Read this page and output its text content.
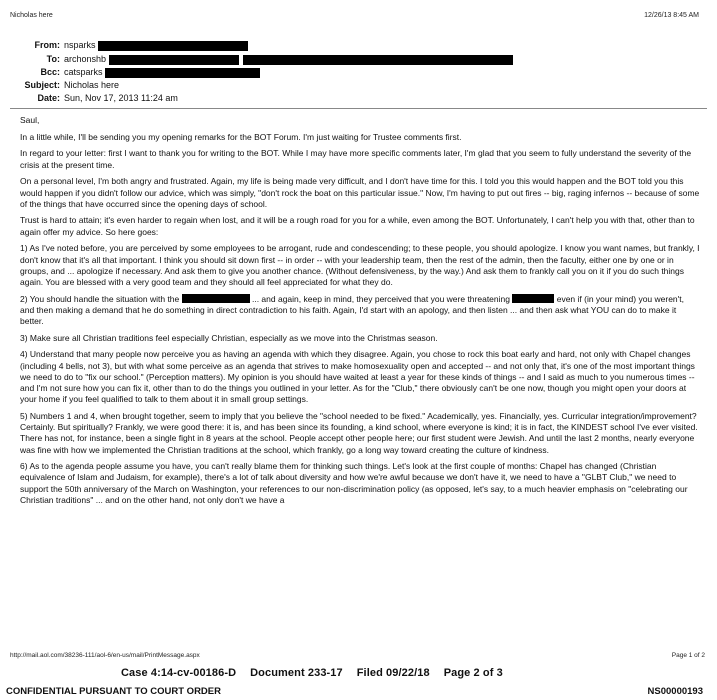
Nicholas here	12/26/13 8:45 AM
From: nsparks
To: archonshb
Bcc: catsparks
Subject: Nicholas here
Date: Sun, Nov 17, 2013 11:24 am

Saul,

In a little while, I'll be sending you my opening remarks for the BOT Forum. I'm just waiting for Trustee comments first.

In regard to your letter: first I want to thank you for writing to the BOT. While I may have more specific comments later, I'm glad that you seem to fully understand the severity of the crisis at the present time.

On a personal level, I'm both angry and frustrated. Again, my life is being made very difficult, and I don't have time for this. I told you this would happen and the BOT told you this would happen if you didn't follow our advice, which was simply, "don't rock the boat on this particular issue." Now, I'm having to put out fires -- big, raging infernos -- because of some of the things that have occurred since the opening days of school.

Trust is hard to attain; it's even harder to regain when lost, and it will be a rough road for you for a while, even among the BOT. Unfortunately, I can't help you with that, other than to again offer my advice. So here goes:

1) As I've noted before, you are perceived by some employees to be arrogant, rude and condescending; to these people, you should apologize. I know you want names, but frankly, I don't know that it's all that important. I think you should sit down first -- in order -- with your leadership team, then the rest of the admin, then the faculty, either one by one or in groups, and ... apologize if necessary. And ask them to give you another chance. (Without defensiveness, by the way.) And ask them to frankly call you on it if you do such things again. You are blessed with a very good team and they should all feel appreciated for what they do.

2) You should handle the situation with the	... and again, keep in mind, they perceived that you were threatening	even if (in your mind) you weren't, and then making a demand that he do something in direct contradiction to his faith. Again, I'd start with an apology, and then listen ... and then ask what YOU can do to make it better.

3) Make sure all Christian traditions feel especially Christian, especially as we move into the Christmas season.

4) Understand that many people now perceive you as having an agenda with which they disagree. Again, you chose to rock this boat early and hard, not only with Chapel changes (including 4 bells, not 3), but with what some perceive as an agenda that strives to make homosexuality open and accepted -- and not only that, it's one of the most important things we need to do to "fix our school." (Perception matters). My opinion is you should have waited at least a year for these kinds of things -- and I said as much to you numerous times -- and I'm not sure how you can fix it, other than to do the things you outlined in your letter. As for the "Club," there obviously can't be one now, though you might open your doors at your home if you feel qualified to talk to them about it in small group settings.

5) Numbers 1 and 4, when brought together, seem to imply that you believe the "school needed to be fixed." Academically, yes. Financially, yes. Curricular integration/improvement? Certainly. But spiritually? Frankly, we were good there: it is, and has been since its founding, a kind school, where everyone is kind; it is in fact, the KINDEST school I've ever visited. There has not, for instance, been a single fight in 8 years at the school. People accept other people here; our first student were Jewish. And until the last 2 months, nearly everyone was fine with how we implemented the Christian traditions at the school, which frankly, go a long way toward creating the culture of kindness.

6) As to the agenda people assume you have, you can't really blame them for thinking such things. Let's look at the first couple of months: Chapel has changed (Christian equivalence of Islam and Judaism, for example), there's a lot of talk about diversity and how we're awful because we don't have it, we need to have a "GLBT Club," we need to support the 50th anniversary of the March on Washington, your references to our non-discrimination policy (as opposed, let's say, to a much heavier emphasis on "celebrating our Christian traditions" ... and on the other hand, not only don't we have a

http://mail.aol.com/38236-111/aol-6/en-us/mail/PrintMessage.aspx	Page 1 of 2
Case 4:14-cv-00186-D Document 233-17 Filed 09/22/18 Page 2 of 3
CONFIDENTIAL PURSUANT TO COURT ORDER	NS00000193
